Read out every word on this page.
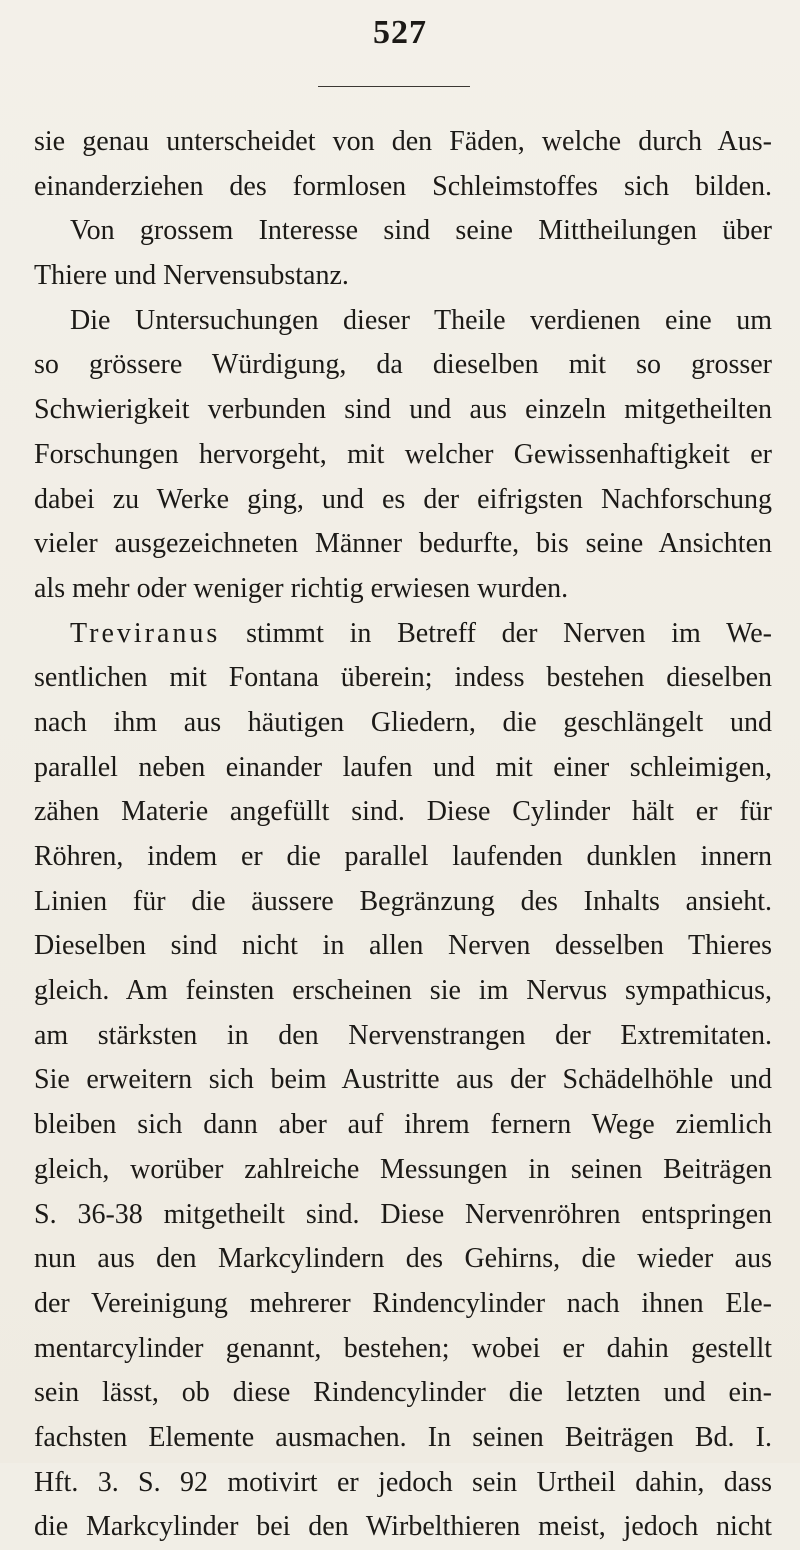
527
sie genau unterscheidet von den Fäden, welche durch Aus-
einanderziehen des formlosen Schleimstoffes sich bilden.
Von grossem Interesse sind seine Mittheilungen über
Thiere und Nervensubstanz.
Die Untersuchungen dieser Theile verdienen eine um
so grössere Würdigung, da dieselben mit so grosser
Schwierigkeit verbunden sind und aus einzeln mitgetheilten
Forschungen hervorgeht, mit welcher Gewissenhaftigkeit er
dabei zu Werke ging, und es der eifrigsten Nachforschung
vieler ausgezeichneten Männer bedurfte, bis seine Ansichten
als mehr oder weniger richtig erwiesen wurden.
Treviranus stimmt in Betreff der Nerven im We-
sentlichen mit Fontana überein; indess bestehen dieselben
nach ihm aus häutigen Gliedern, die geschlängelt und
parallel neben einander laufen und mit einer schleimigen,
zähen Materie angefüllt sind. Diese Cylinder hält er für
Röhren, indem er die parallel laufenden dunklen innern
Linien für die äussere Begränzung des Inhalts ansieht.
Dieselben sind nicht in allen Nerven desselben Thieres
gleich. Am feinsten erscheinen sie im Nervus sympathicus,
am stärksten in den Nervenstrangen der Extremitaten.
Sie erweitern sich beim Austritte aus der Schädelhöhle und
bleiben sich dann aber auf ihrem fernern Wege ziemlich
gleich, worüber zahlreiche Messungen in seinen Beiträgen
S. 36-38 mitgetheilt sind. Diese Nervenröhren entspringen
nun aus den Markcylindern des Gehirns, die wieder aus
der Vereinigung mehrerer Rindencylinder nach ihnen Ele-
mentarcylinder genannt, bestehen; wobei er dahin gestellt
sein lässt, ob diese Rindencylinder die letzten und ein-
fachsten Elemente ausmachen. In seinen Beiträgen Bd. I.
Hft. 3. S. 92 motivirt er jedoch sein Urtheil dahin, dass
die Markcylinder bei den Wirbelthieren meist, jedoch nicht
